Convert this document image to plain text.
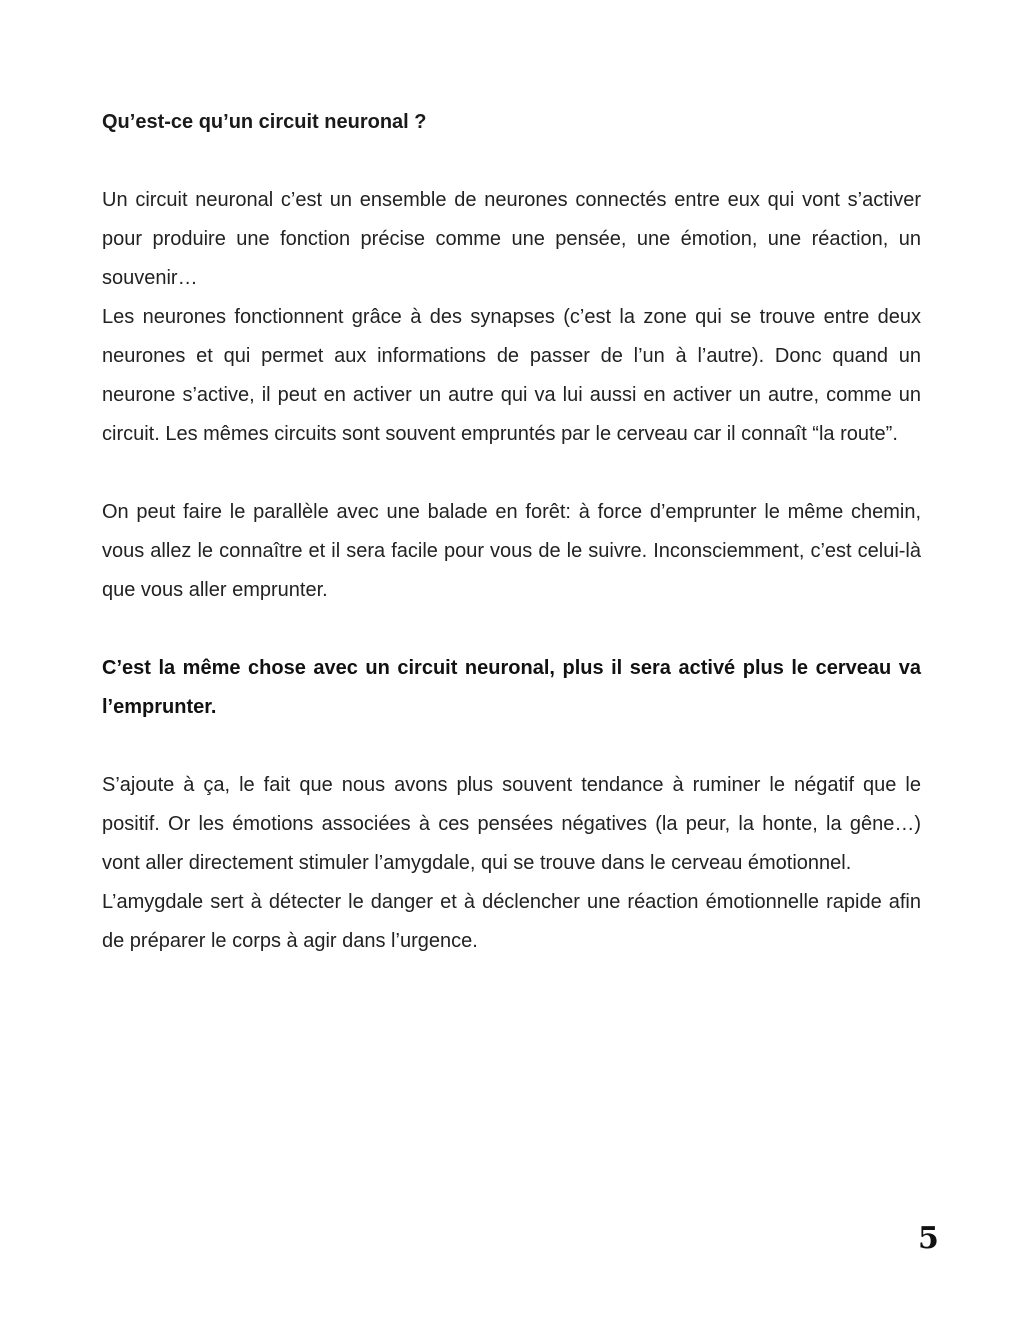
Qu’est-ce qu’un circuit neuronal ?

Un circuit neuronal c’est un ensemble de neurones connectés entre eux qui vont s’activer pour produire une fonction précise comme une pensée, une émotion, une réaction, un souvenir…

Les neurones fonctionnent grâce à des synapses (c’est la zone qui se trouve entre deux neurones et qui permet aux informations de passer de l’un à l’autre). Donc quand un neurone s’active, il peut en activer un autre qui va lui aussi en activer un autre, comme un circuit. Les mêmes circuits sont souvent empruntés par le cerveau car il connaît “la route”.

On peut faire le parallèle avec une balade en forêt: à force d’emprunter le même chemin, vous allez le connaître et il sera facile pour vous de le suivre. Inconsciemment, c’est celui-là que vous aller emprunter.

C’est la même chose avec un circuit neuronal, plus il sera activé plus le cerveau va l’emprunter.

S’ajoute à ça, le fait que nous avons plus souvent tendance à ruminer le négatif que le positif. Or les émotions associées à ces pensées négatives (la peur, la honte, la gêne…) vont aller directement stimuler l’amygdale, qui se trouve dans le cerveau émotionnel.

L’amygdale sert à détecter le danger et à déclencher une réaction émotionnelle rapide afin de préparer le corps à agir dans l’urgence.

5
